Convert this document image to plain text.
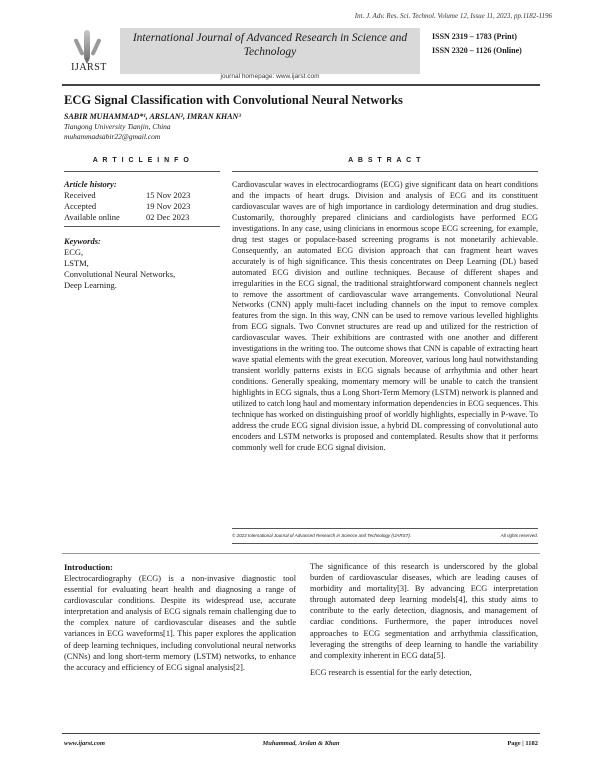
Int. J. Adv. Res. Sci. Technol. Volume 12, Issue 11, 2023, pp.1182-1196
IJARST
International Journal of Advanced Research in Science and Technology
journal homepage: www.ijarst.com
ISSN 2319 – 1783 (Print)
ISSN 2320 – 1126 (Online)
ECG Signal Classification with Convolutional Neural Networks
SABIR MUHAMMAD*¹, ARSLAN², IMRAN KHAN³
Tiangong University Tianjin, China
muhammadsabir22@gmail.com
A R T I C L E I N F O	A B S T R A C T
Article history:
Received	15 Nov 2023
Accepted	19 Nov 2023
Available online	02 Dec 2023
Keywords:
ECG,
LSTM,
Convolutional Neural Networks,
Deep Learning.
Cardiovascular waves in electrocardiograms (ECG) give significant data on heart conditions and the impacts of heart drugs. Division and analysis of ECG and its constituent cardiovascular waves are of high importance in cardiology determination and drug studies. Customarily, thoroughly prepared clinicians and cardiologists have performed ECG investigations. In any case, using clinicians in enormous scope ECG screening, for example, drug test stages or populace-based screening programs is not monetarily achievable. Consequently, an automated ECG division approach that can fragment heart waves accurately is of high significance. This thesis concentrates on Deep Learning (DL) based automated ECG division and outline techniques. Because of different shapes and irregularities in the ECG signal, the traditional straightforward component channels neglect to remove the assortment of cardiovascular wave arrangements. Convolutional Neural Networks (CNN) apply multi-facet including channels on the input to remove complex features from the sign. In this way, CNN can be used to remove various levelled highlights from ECG signals. Two Convnet structures are read up and utilized for the restriction of cardiovascular waves. Their exhibitions are contrasted with one another and different investigations in the writing too. The outcome shows that CNN is capable of extracting heart wave spatial elements with the great execution. Moreover, various long haul notwithstanding transient worldly patterns exists in ECG signals because of arrhythmia and other heart conditions. Generally speaking, momentary memory will be unable to catch the transient highlights in ECG signals, thus a Long Short-Term Memory (LSTM) network is planned and utilized to catch long haul and momentary information dependencies in ECG sequences. This technique has worked on distinguishing proof of worldly highlights, especially in P-wave. To address the crude ECG signal division issue, a hybrid DL compressing of convolutional auto encoders and LSTM networks is proposed and contemplated. Results show that it performs commonly well for crude ECG signal division.
© 2023 International Journal of Advanced Research in Science and Technology (IJARST).	All rights reserved.
Introduction:
Electrocardiography (ECG) is a non-invasive diagnostic tool essential for evaluating heart health and diagnosing a range of cardiovascular conditions. Despite its widespread use, accurate interpretation and analysis of ECG signals remain challenging due to the complex nature of cardiovascular diseases and the subtle variances in ECG waveforms[1]. This paper explores the application of deep learning techniques, including convolutional neural networks (CNNs) and long short-term memory (LSTM) networks, to enhance the accuracy and efficiency of ECG signal analysis[2].

The significance of this research is underscored by the global burden of cardiovascular diseases, which are leading causes of morbidity and mortality[3]. By advancing ECG interpretation through automated deep learning models[4], this study aims to contribute to the early detection, diagnosis, and management of cardiac conditions. Furthermore, the paper introduces novel approaches to ECG segmentation and arrhythmia classification, leveraging the strengths of deep learning to handle the variability and complexity inherent in ECG data[5].

ECG research is essential for the early detection,

www.ijarst.com	Muhammad, Arslan & Khan	Page | 1182
